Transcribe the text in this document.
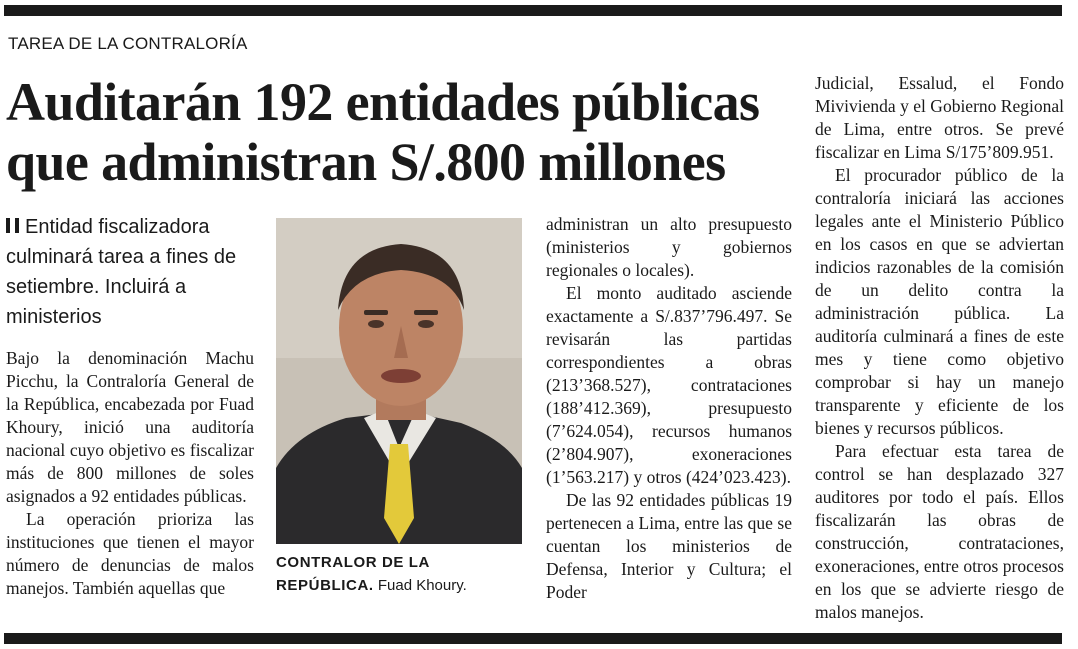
TAREA DE LA CONTRALORÍA
Auditarán 192 entidades públicas
que administran S/.800 millones
Entidad fiscalizadora culminará tarea a fines de setiembre. Incluirá a ministerios

Bajo la denominación Machu Picchu, la Contraloría General de la República, encabezada por Fuad Khoury, inició una auditoría nacional cuyo objetivo es fiscalizar más de 800 millones de soles asignados a 92 entidades públicas.

La operación prioriza las instituciones que tienen el mayor número de denuncias de malos manejos. También aquellas que

CONTRALOR DE LA REPÚBLICA. Fuad Khoury.

administran un alto presupuesto (ministerios y gobiernos regionales o locales).

El monto auditado asciende exactamente a S/.837’796.497. Se revisarán las partidas correspondientes a obras (213’368.527), contrataciones (188’412.369), presupuesto (7’624.054), recursos humanos (2’804.907), exoneraciones (1’563.217) y otros (424’023.423).

De las 92 entidades públicas 19 pertenecen a Lima, entre las que se cuentan los ministerios de Defensa, Interior y Cultura; el Poder

Judicial, Essalud, el Fondo Mivivienda y el Gobierno Regional de Lima, entre otros. Se prevé fiscalizar en Lima S/175’809.951.

El procurador público de la contraloría iniciará las acciones legales ante el Ministerio Público en los casos en que se adviertan indicios razonables de la comisión de un delito contra la administración pública. La auditoría culminará a fines de este mes y tiene como objetivo comprobar si hay un manejo transparente y eficiente de los bienes y recursos públicos.

Para efectuar esta tarea de control se han desplazado 327 auditores por todo el país. Ellos fiscalizarán las obras de construcción, contrataciones, exoneraciones, entre otros procesos en los que se advierte riesgo de malos manejos.
